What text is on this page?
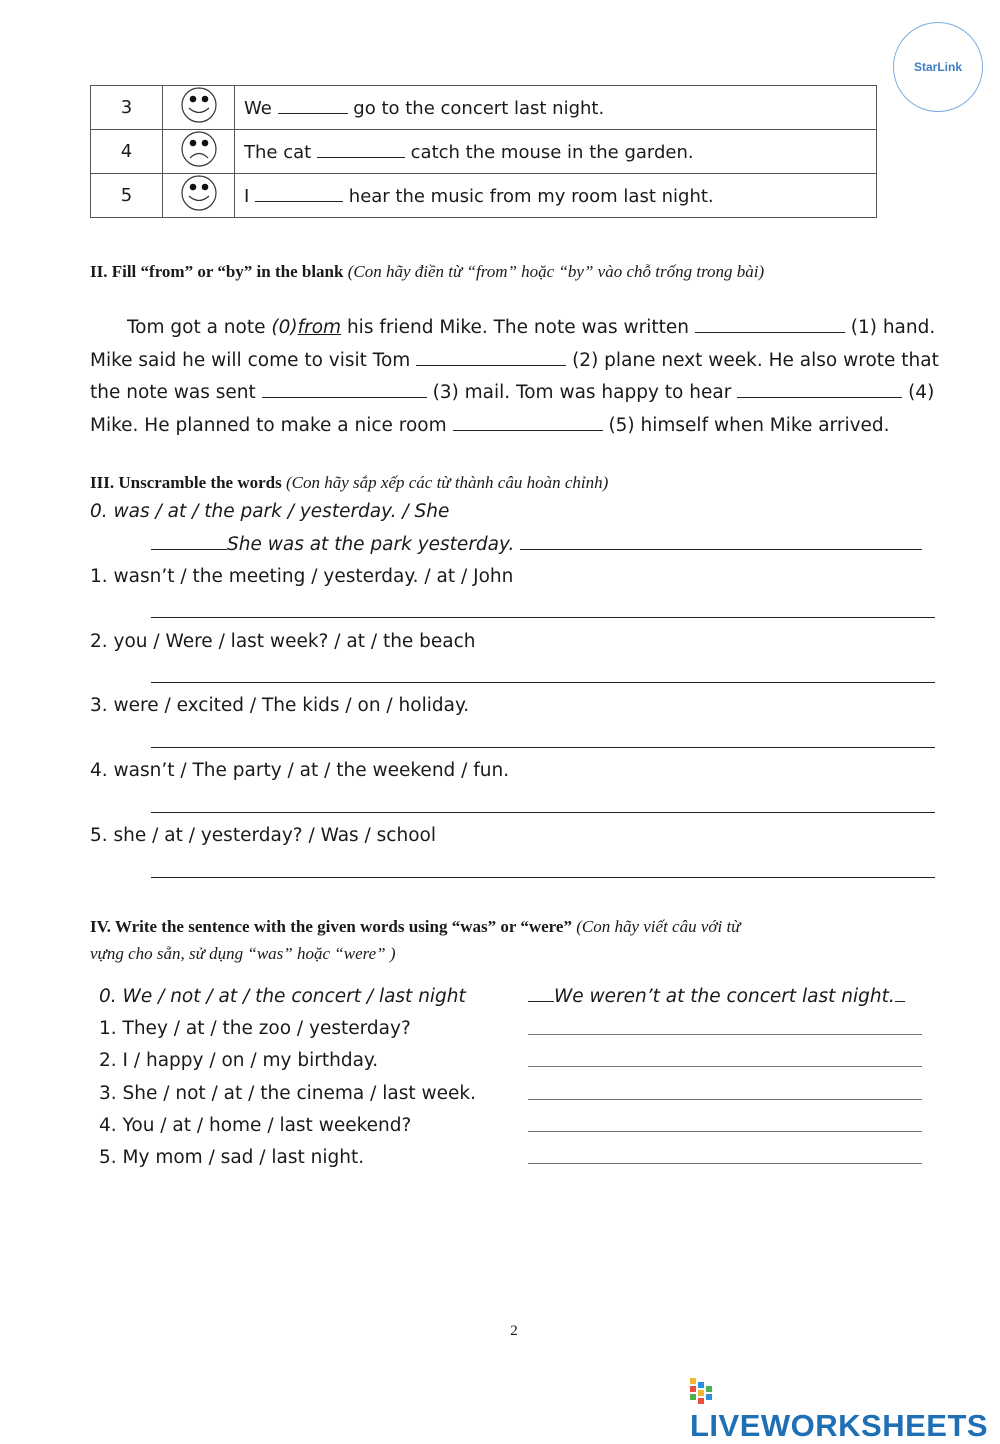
StarLink
3		We go to the concert last night.
4		The cat catch the mouse in the garden.
5		I hear the music from my room last night.
II. Fill “from” or “by” in the blank (Con hãy điền từ “from” hoặc “by” vào chỗ trống trong bài)
Tom got a note (0)from his friend Mike. The note was written	(1) hand.
Mike said he will come to visit Tom	(2) plane next week. He also wrote that
the note was sent	(3) mail. Tom was happy to hear	(4)
Mike. He planned to make a nice room	(5) himself when Mike arrived.
III. Unscramble the words (Con hãy sắp xếp các từ thành câu hoàn chỉnh)
0. was / at / the park / yesterday. / She
She was at the park yesterday.
1. wasn’t / the meeting / yesterday. / at / John
2. you / Were / last week? / at / the beach
3. were / excited / The kids / on / holiday.
4. wasn’t / The party / at / the weekend / fun.
5. she / at / yesterday? / Was / school
IV. Write the sentence with the given words using “was” or “were” (Con hãy viết câu với từ
vựng cho sẵn, sử dụng “was” hoặc “were” )
0. We / not / at / the concert / last night	We weren’t at the concert last night.
1. They / at / the zoo / yesterday?
2. I / happy / on / my birthday.
3. She / not / at / the cinema / last week.
4. You / at / home / last weekend?
5. My mom / sad / last night.
2
LIVEWORKSHEETS
